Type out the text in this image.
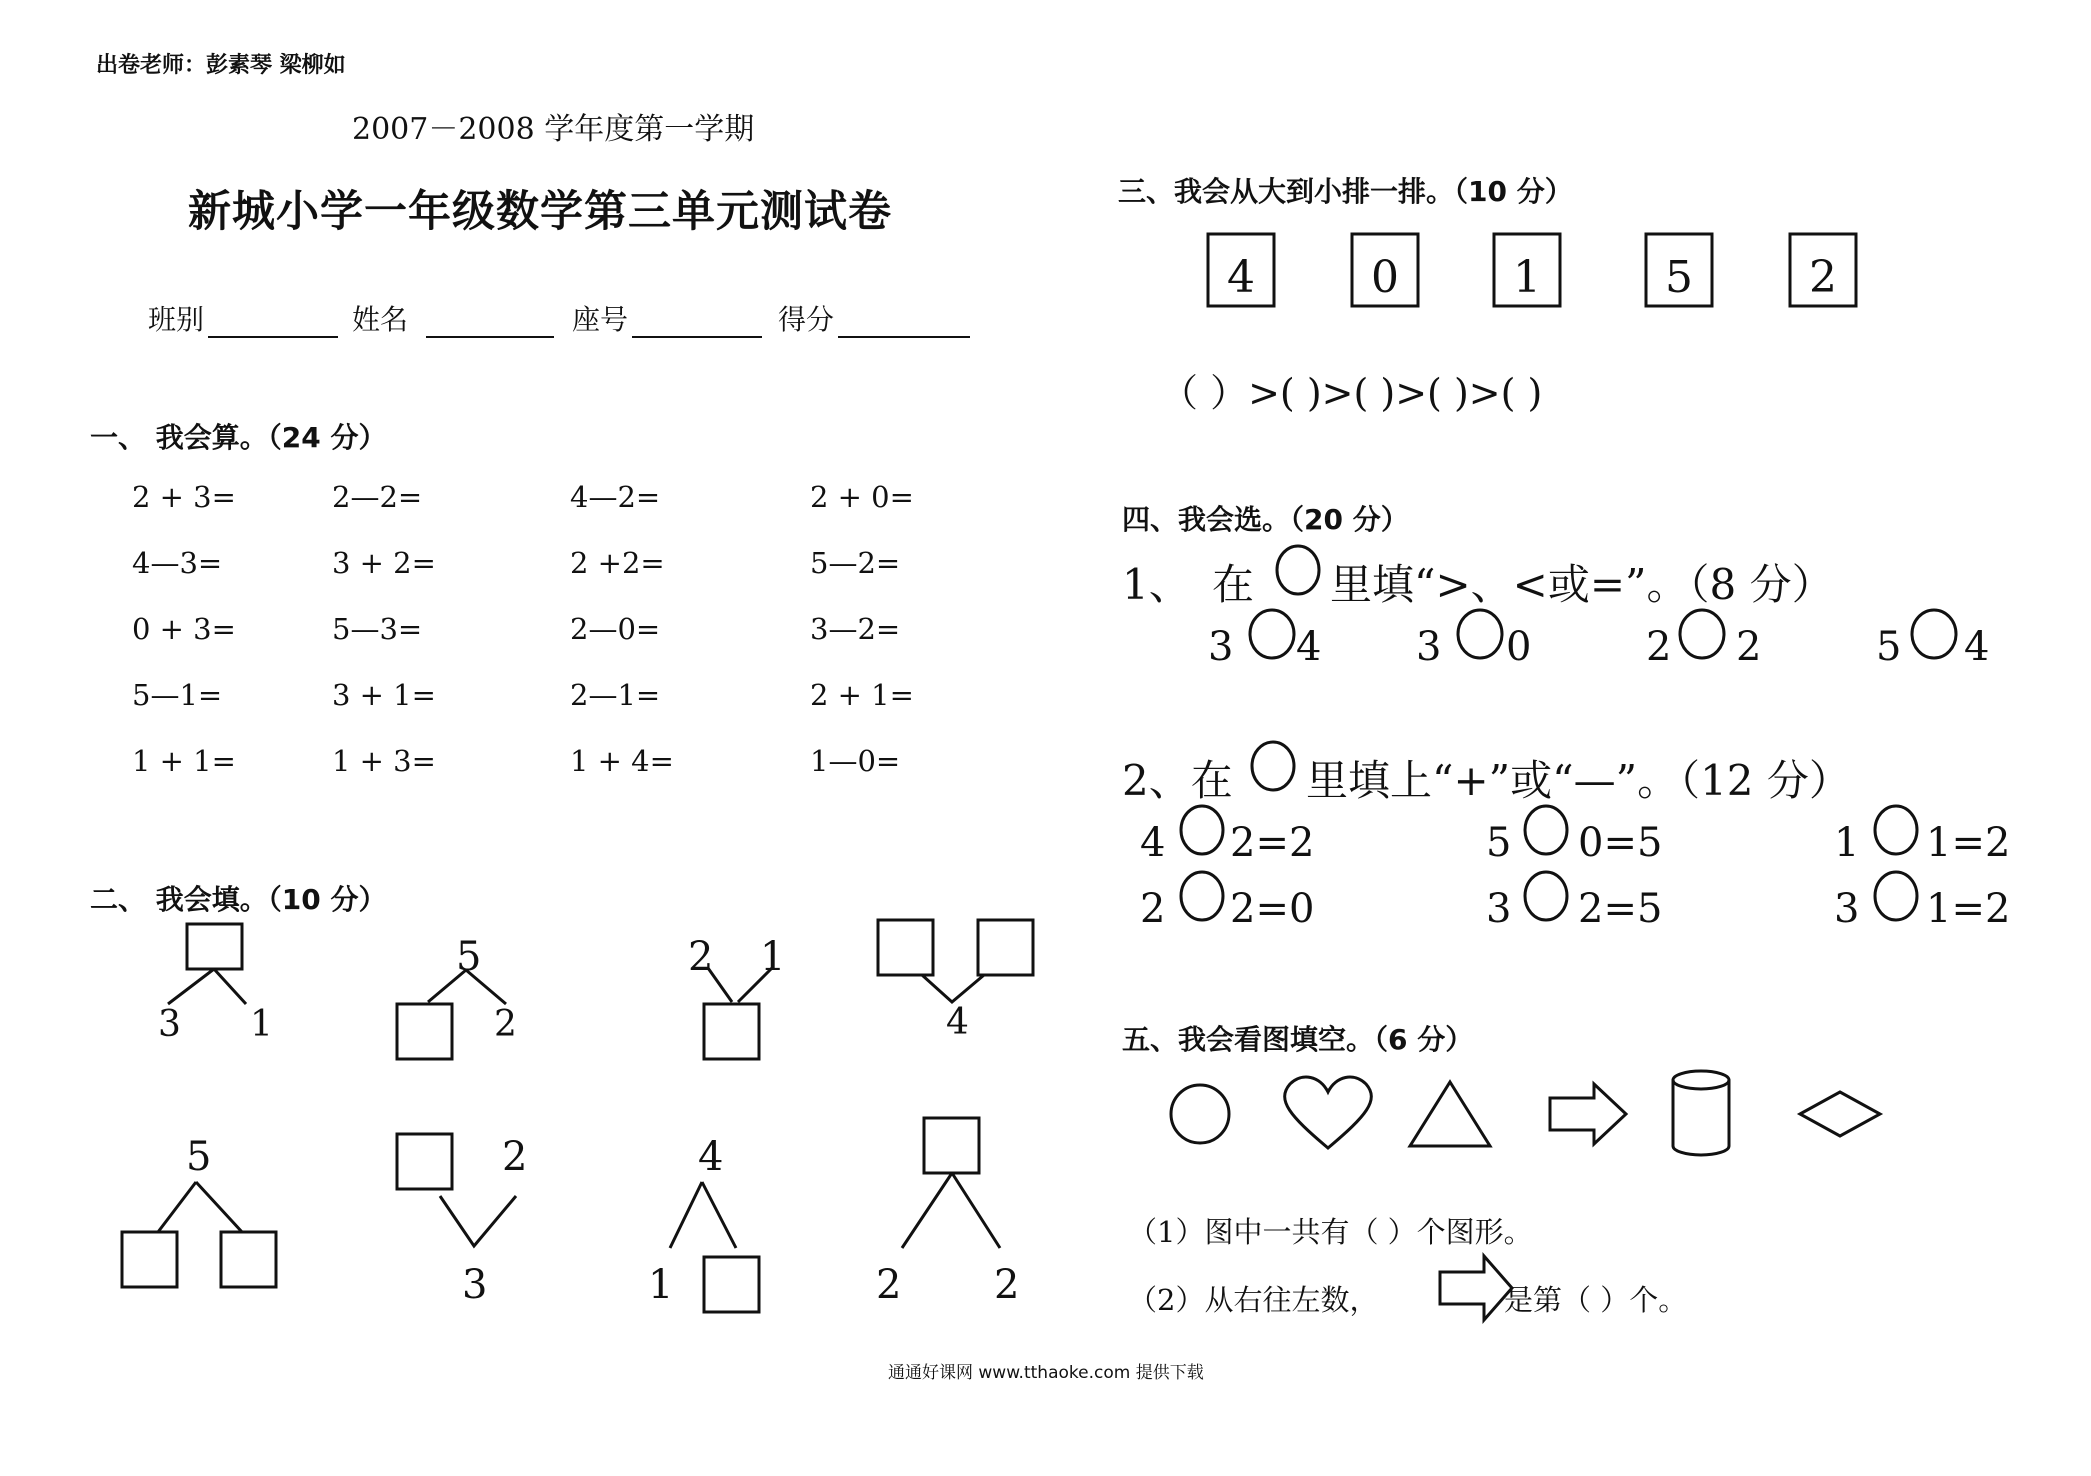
出卷老师：彭素琴 梁柳如
2007－2008 学年度第一学期
新城小学一年级数学第三单元测试卷
班别	姓名	座号	得分
一、 我会算。（24 分）
2 + 3=	2—2=	4—2=	2 + 0=
4—3=	3 + 2=	2 +2=	5—2=
0 + 3=	5—3=	2—0=	3—2=
5—1=	3 + 1=	2—1=	2 + 1=
1 + 1=	1 + 3=	1 + 4=	1—0=
二、 我会填。（10 分）
三、我会从大到小排一排。（10 分）
（ ）>( )>( )>( )>( )
四、我会选。（20 分）
1、 在 里填“>、<或=”。（8 分）
2、在 里填上“+”或“—”。（12 分）
五、我会看图填空。（6 分）
（1）图中一共有（ ）个图形。
（2）从右往左数，	是第（ ）个。
通通好课网 www.tthaoke.com 提供下载
3 1
5
2
2 1
4
5	2
3
4
1	2 2
4	0	1	5	2
3 4 3 0	2 2	5 4
4 2=2	5 0=5	1 1=2
2 2=0	3 2=5	3 1=2
